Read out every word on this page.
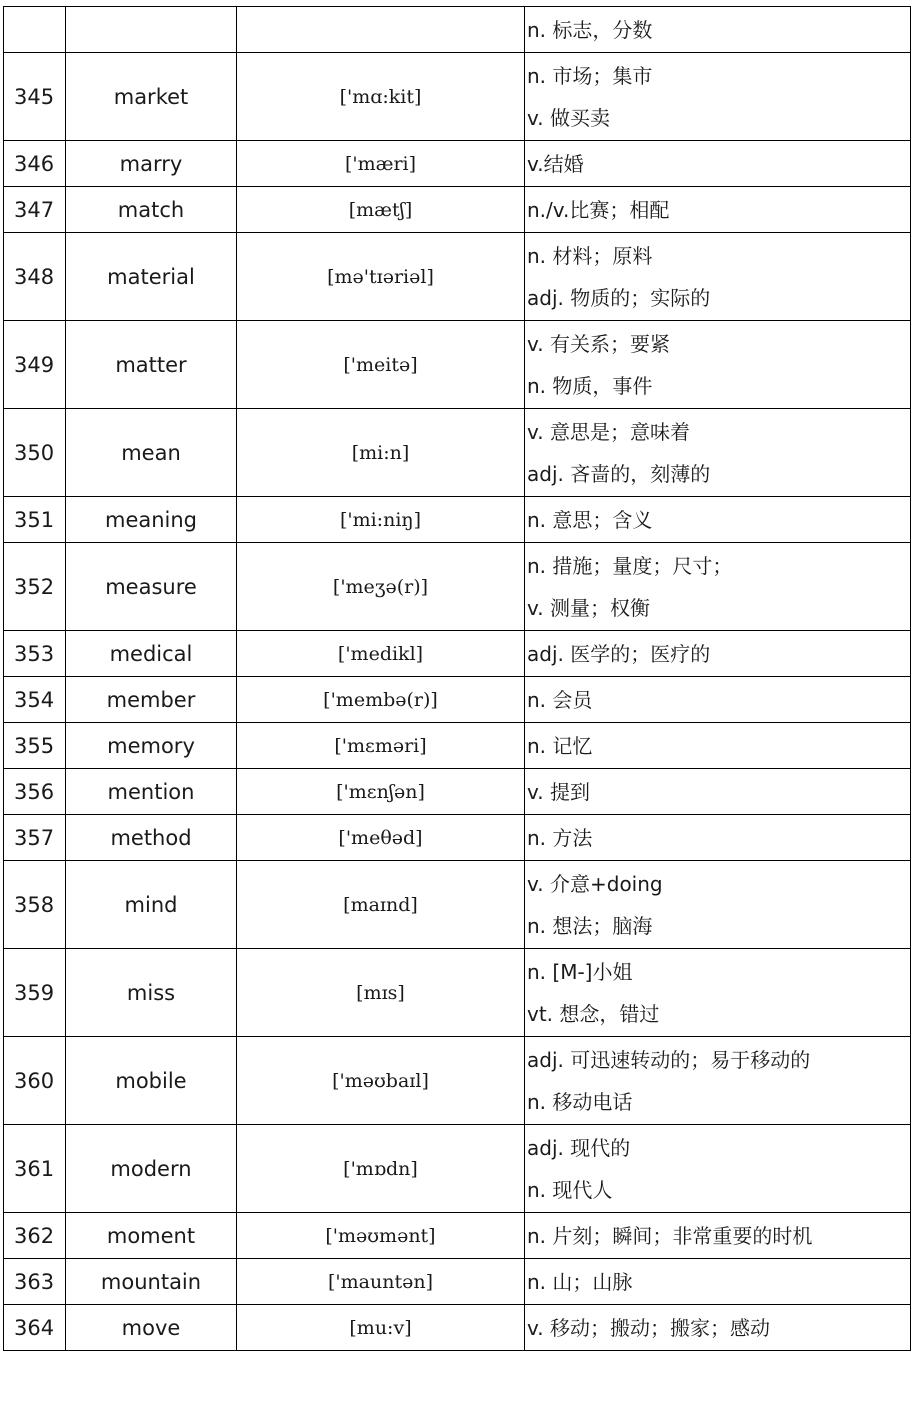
			n. 标志，分数

345	market	['mɑ:kit]	n. 市场；集市
v. 做买卖

346	marry	['mæri]	v.结婚

347	match	[mætʃ]	n./v.比赛；相配

348	material	[mə'tɪəriəl]	n. 材料；原料
adj. 物质的；实际的

349	matter	['meitə]	v. 有关系；要紧
n. 物质，事件

350	mean	[mi:n]	v. 意思是；意味着
adj. 吝啬的，刻薄的

351	meaning	['mi:niŋ]	n. 意思；含义

352	measure	['meʒə(r)]	n. 措施；量度；尺寸；
v. 测量；权衡

353	medical	['medikl]	adj. 医学的；医疗的

354	member	['membə(r)]	n. 会员

355	memory	['mɛməri]	n. 记忆

356	mention	['mɛnʃən]	v. 提到

357	method	['meθəd]	n. 方法

358	mind	[maɪnd]	v. 介意+doing
n. 想法；脑海

359	miss	[mɪs]	n. [M-]小姐
vt. 想念，错过

360	mobile	['məʊbaɪl]	adj. 可迅速转动的；易于移动的
n. 移动电话

361	modern	['mɒdn]	adj. 现代的
n. 现代人

362	moment	['məʊmənt]	n. 片刻；瞬间；非常重要的时机

363	mountain	['mauntən]	n. 山；山脉

364	move	[mu:v]	v. 移动；搬动；搬家；感动
